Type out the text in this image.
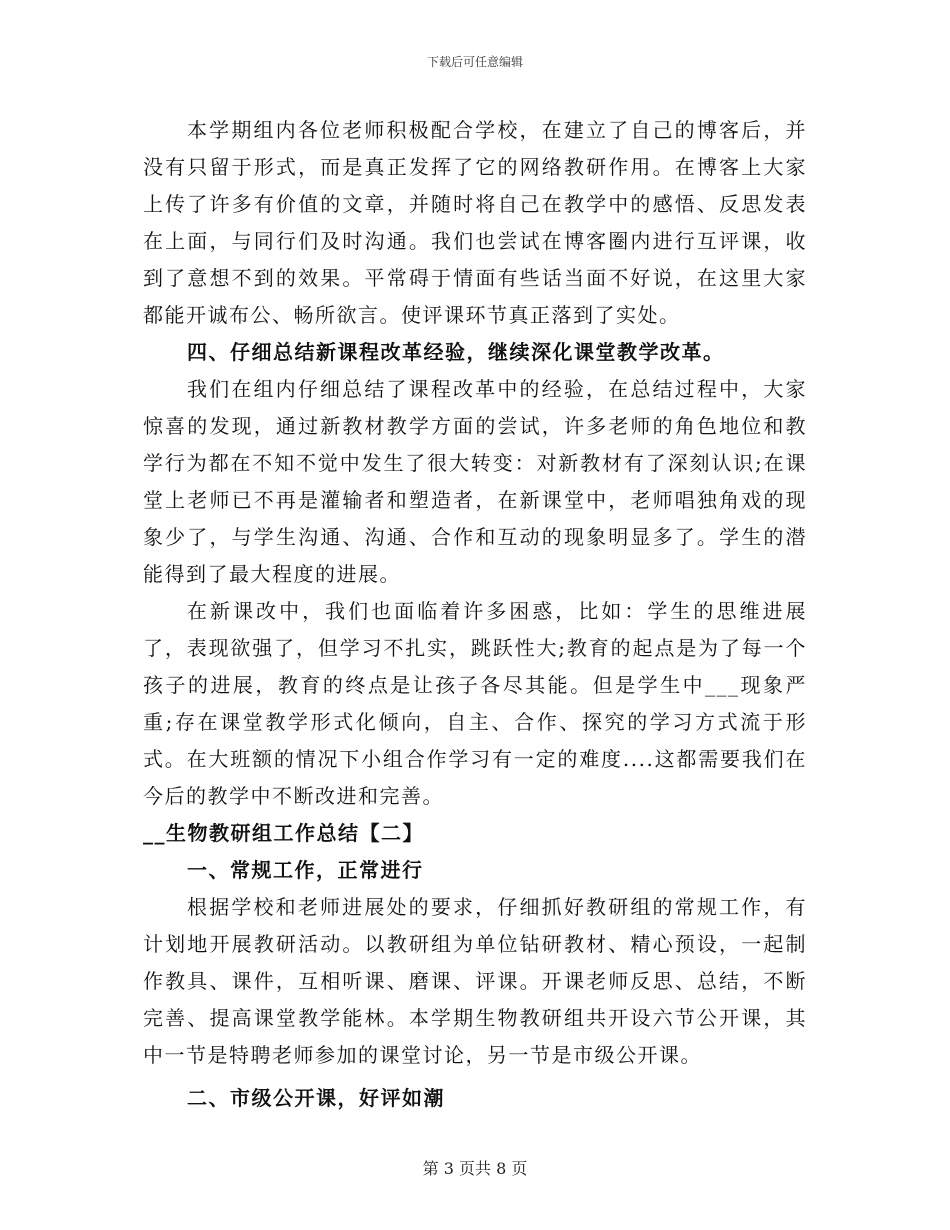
下载后可任意编辑

本学期组内各位老师积极配合学校，在建立了自己的博客后，并没有只留于形式，而是真正发挥了它的网络教研作用。在博客上大家上传了许多有价值的文章，并随时将自己在教学中的感悟、反思发表在上面，与同行们及时沟通。我们也尝试在博客圈内进行互评课，收到了意想不到的效果。平常碍于情面有些话当面不好说，在这里大家都能开诚布公、畅所欲言。使评课环节真正落到了实处。

四、仔细总结新课程改革经验，继续深化课堂教学改革。

我们在组内仔细总结了课程改革中的经验，在总结过程中，大家惊喜的发现，通过新教材教学方面的尝试，许多老师的角色地位和教学行为都在不知不觉中发生了很大转变：对新教材有了深刻认识;在课堂上老师已不再是灌输者和塑造者，在新课堂中，老师唱独角戏的现象少了，与学生沟通、沟通、合作和互动的现象明显多了。学生的潜能得到了最大程度的进展。

在新课改中，我们也面临着许多困惑，比如：学生的思维进展了，表现欲强了，但学习不扎实，跳跃性大;教育的起点是为了每一个孩子的进展，教育的终点是让孩子各尽其能。但是学生中___现象严重;存在课堂教学形式化倾向，自主、合作、探究的学习方式流于形式。在大班额的情况下小组合作学习有一定的难度....这都需要我们在今后的教学中不断改进和完善。

__生物教研组工作总结【二】

一、常规工作，正常进行

根据学校和老师进展处的要求，仔细抓好教研组的常规工作，有计划地开展教研活动。以教研组为单位钻研教材、精心预设，一起制作教具、课件，互相听课、磨课、评课。开课老师反思、总结，不断完善、提高课堂教学能林。本学期生物教研组共开设六节公开课，其中一节是特聘老师参加的课堂讨论，另一节是市级公开课。

二、市级公开课，好评如潮

第 3 页共 8 页
